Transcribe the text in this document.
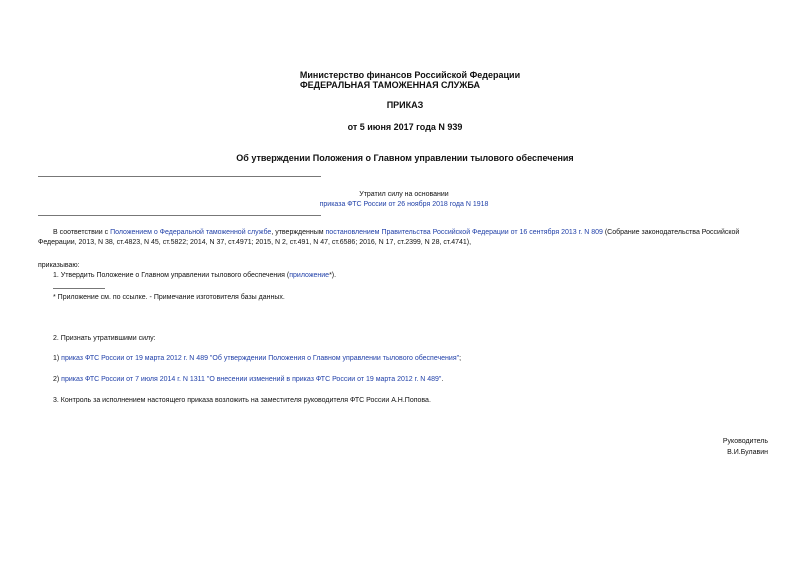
Министерство финансов Российской Федерации
ФЕДЕРАЛЬНАЯ ТАМОЖЕННАЯ СЛУЖБА
ПРИКАЗ
от 5 июня 2017 года N 939
Об утверждении Положения о Главном управлении тылового обеспечения
Утратил силу на основании
приказа ФТС России от 26 ноября 2018 года N 1918
В соответствии с Положением о Федеральной таможенной службе, утвержденным постановлением Правительства Российской Федерации от 16 сентября 2013 г. N 809 (Собрание законодательства Российской Федерации, 2013, N 38, ст.4823, N 45, ст.5822; 2014, N 37, ст.4971; 2015, N 2, ст.491, N 47, ст.6586; 2016, N 17, ст.2399, N 28, ст.4741),
приказываю:
1. Утвердить Положение о Главном управлении тылового обеспечения (приложение*).
* Приложение см. по ссылке. - Примечание изготовителя базы данных.
2. Признать утратившими силу:
1) приказ ФТС России от 19 марта 2012 г. N 489 "Об утверждении Положения о Главном управлении тылового обеспечения";
2) приказ ФТС России от 7 июля 2014 г. N 1311 "О внесении изменений в приказ ФТС России от 19 марта 2012 г. N 489".
3. Контроль за исполнением настоящего приказа возложить на заместителя руководителя ФТС России А.Н.Попова.
Руководитель
В.И.Булавин
